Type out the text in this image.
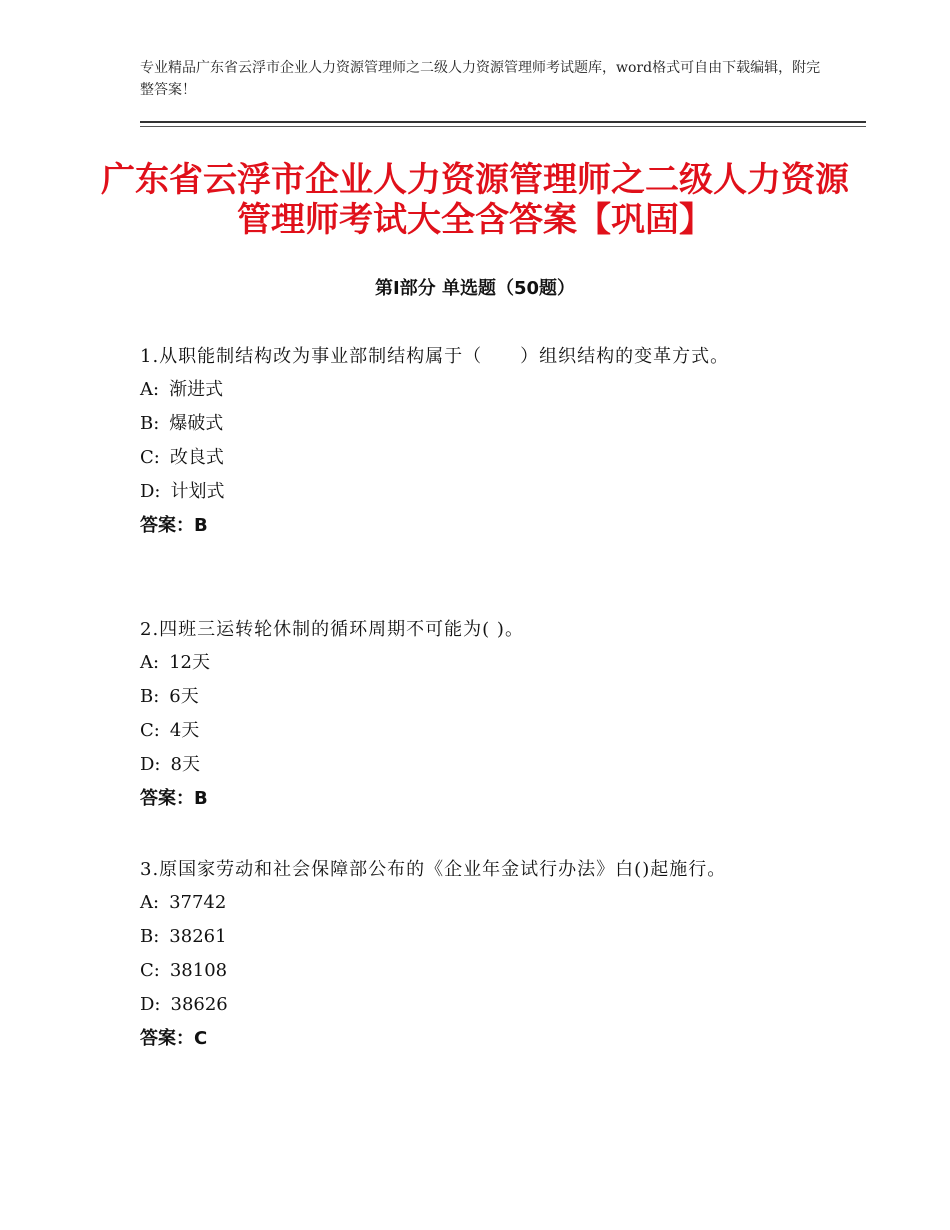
专业精品广东省云浮市企业人力资源管理师之二级人力资源管理师考试题库，word格式可自由下载编辑，附完整答案！
广东省云浮市企业人力资源管理师之二级人力资源管理师考试大全含答案【巩固】
第Ⅰ部分 单选题（50题）

1.从职能制结构改为事业部制结构属于（　　）组织结构的变革方式。

A: 渐进式

B: 爆破式

C: 改良式

D: 计划式

答案：B

2.四班三运转轮休制的循环周期不可能为( )。

A: 12天

B: 6天

C: 4天

D: 8天

答案：B

3.原国家劳动和社会保障部公布的《企业年金试行办法》白()起施行。

A: 37742

B: 38261

C: 38108

D: 38626

答案：C
